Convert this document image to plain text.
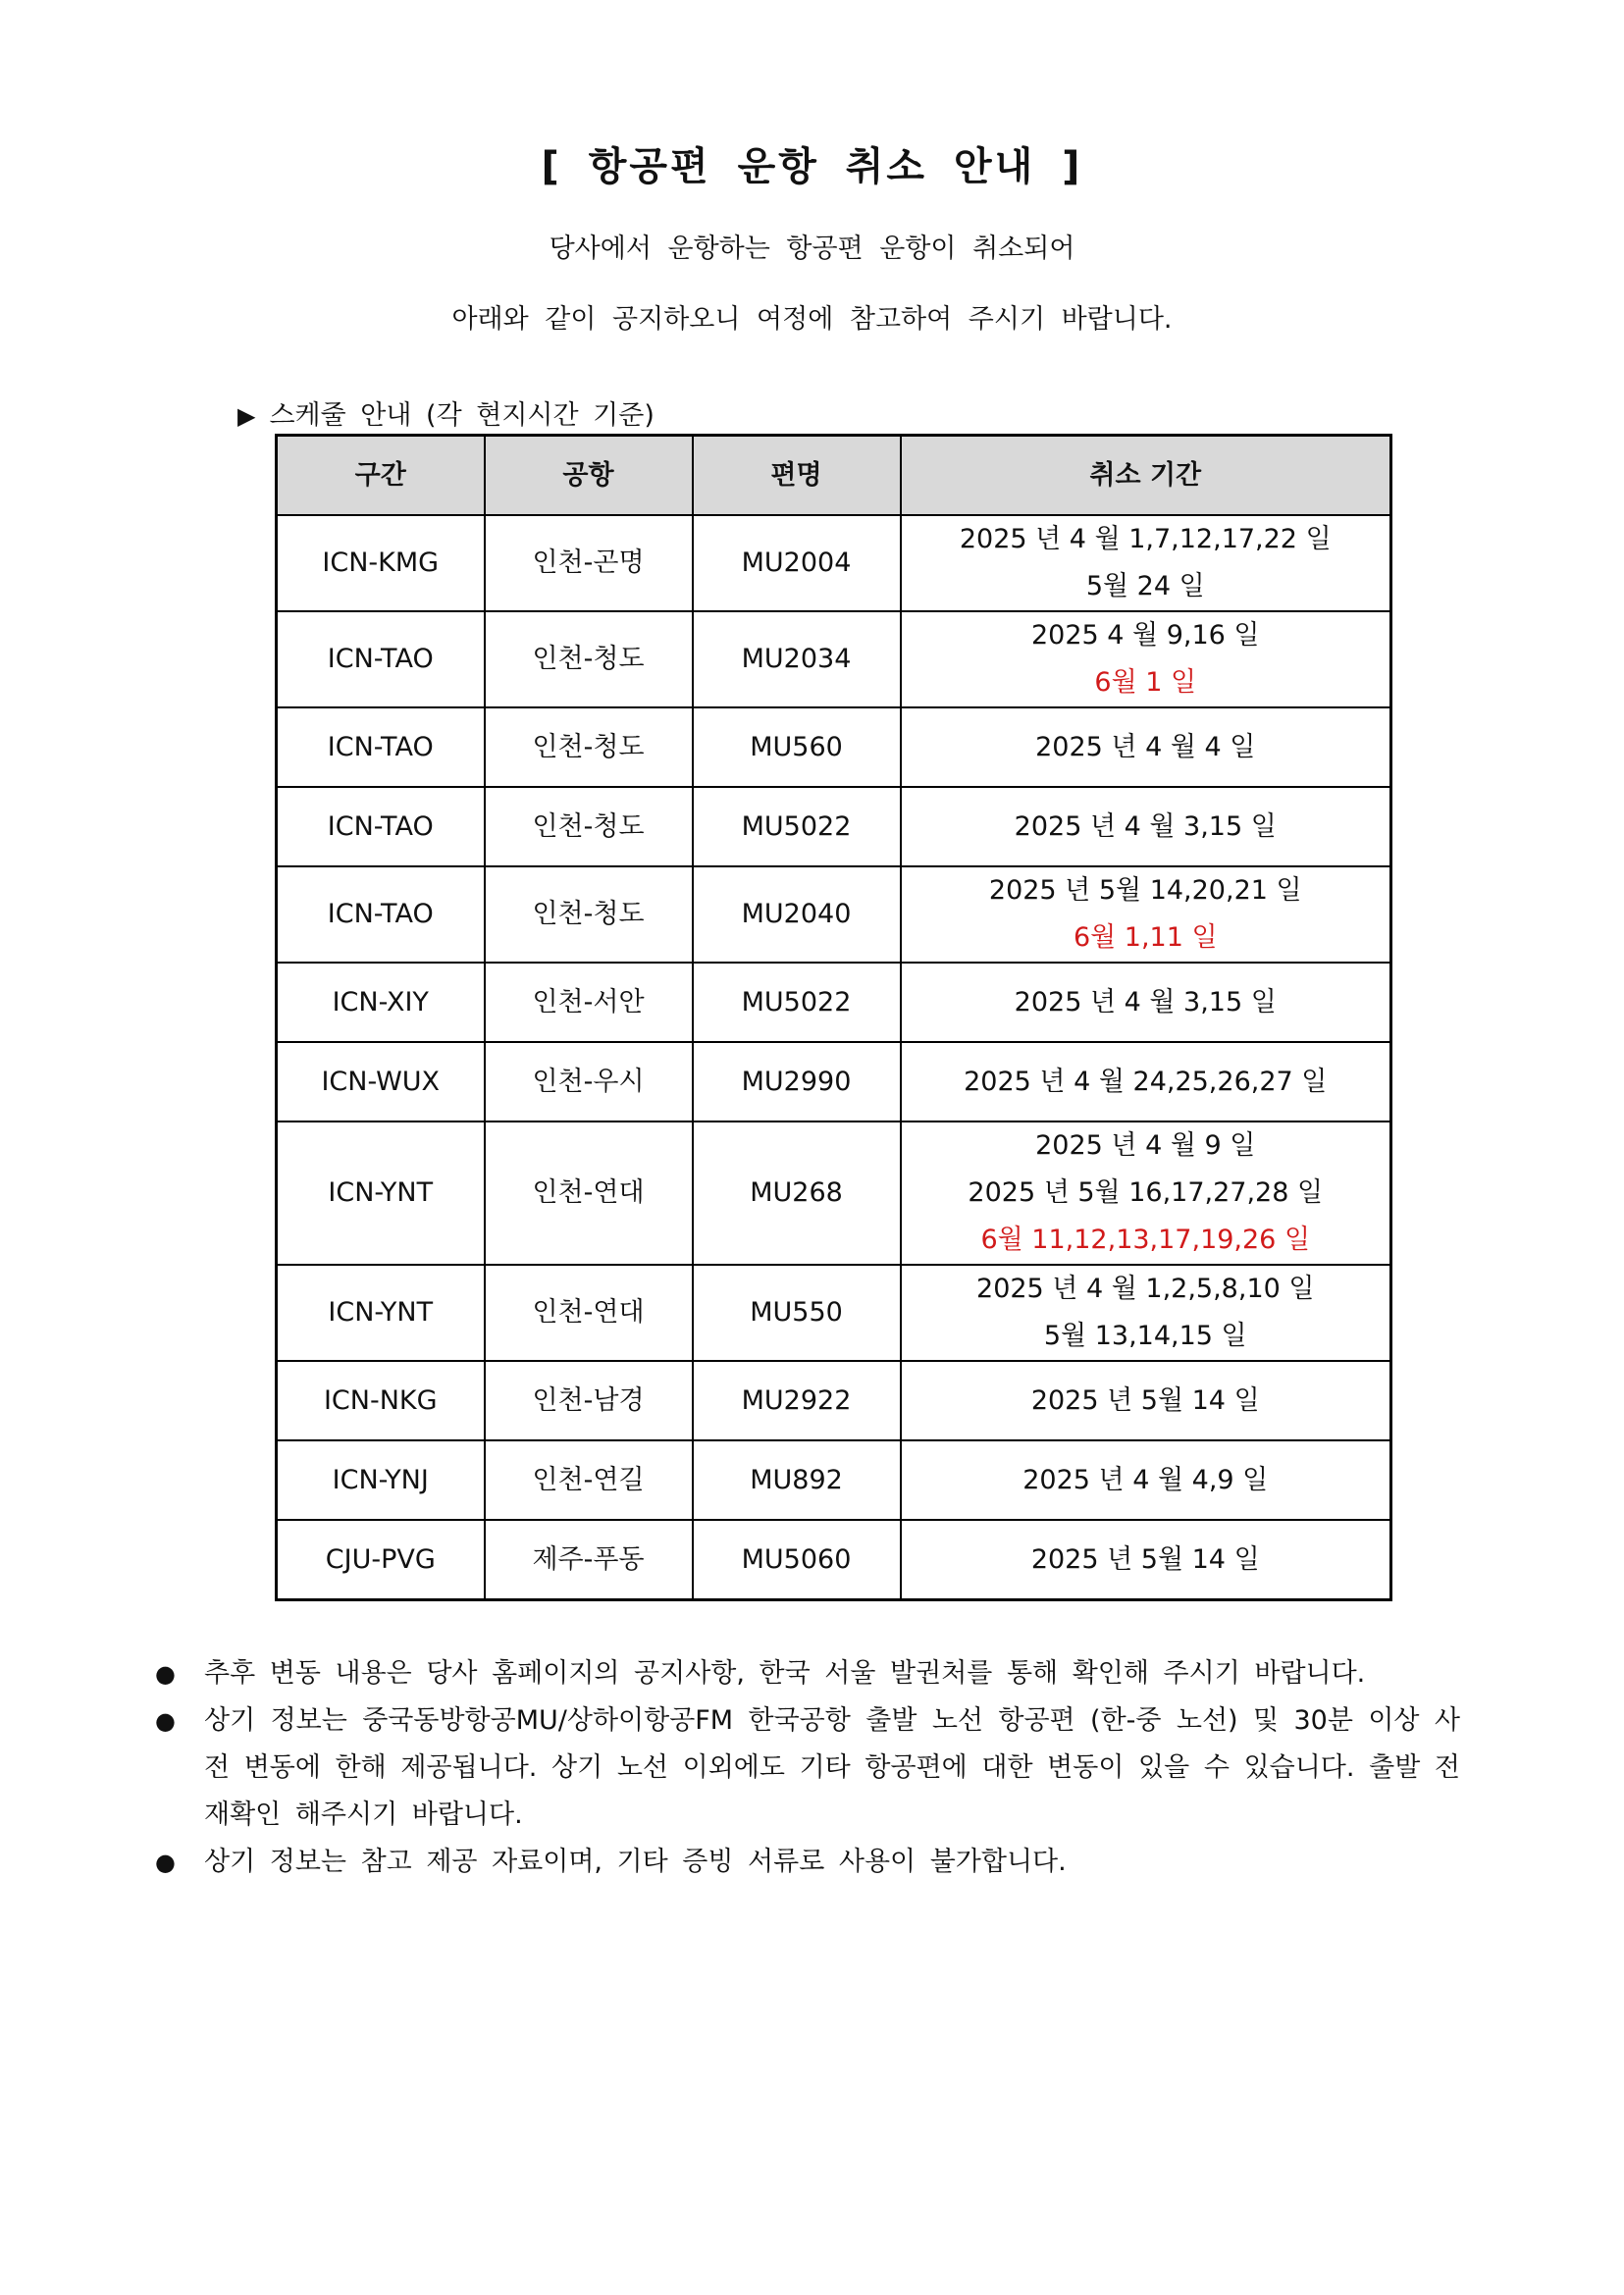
[ 항공편 운항 취소 안내 ]
당사에서 운항하는 항공편 운항이 취소되어
아래와 같이 공지하오니 여정에 참고하여 주시기 바랍니다.
▶ 스케줄 안내 (각 현지시간 기준)
구간	공항	편명	취소 기간
ICN-KMG	인천-곤명	MU2004	2025 년 4 월 1,7,12,17,22 일
5월 24 일

ICN-TAO	인천-청도	MU2034	2025 4 월 9,16 일
6월 1 일

ICN-TAO	인천-청도	MU560	2025 년 4 월 4 일
ICN-TAO	인천-청도	MU5022	2025 년 4 월 3,15 일
ICN-TAO	인천-청도	MU2040	2025 년 5월 14,20,21 일
6월 1,11 일

ICN-XIY	인천-서안	MU5022	2025 년 4 월 3,15 일
ICN-WUX	인천-우시	MU2990	2025 년 4 월 24,25,26,27 일
ICN-YNT	인천-연대	MU268	2025 년 4 월 9 일
2025 년 5월 16,17,27,28 일
6월 11,12,13,17,19,26 일

ICN-YNT	인천-연대	MU550	2025 년 4 월 1,2,5,8,10 일
5월 13,14,15 일

ICN-NKG	인천-남경	MU2922	2025 년 5월 14 일
ICN-YNJ	인천-연길	MU892	2025 년 4 월 4,9 일
CJU-PVG	제주-푸동	MU5060	2025 년 5월 14 일
● 추후 변동 내용은 당사 홈페이지의 공지사항, 한국 서울 발권처를 통해 확인해 주시기 바랍니다.
● 상기 정보는 중국동방항공MU/상하이항공FM 한국공항 출발 노선 항공편 (한-중 노선) 및 30분 이상 사전 변동에 한해 제공됩니다. 상기 노선 이외에도 기타 항공편에 대한 변동이 있을 수 있습니다. 출발 전 재확인 해주시기 바랍니다.
● 상기 정보는 참고 제공 자료이며, 기타 증빙 서류로 사용이 불가합니다.
